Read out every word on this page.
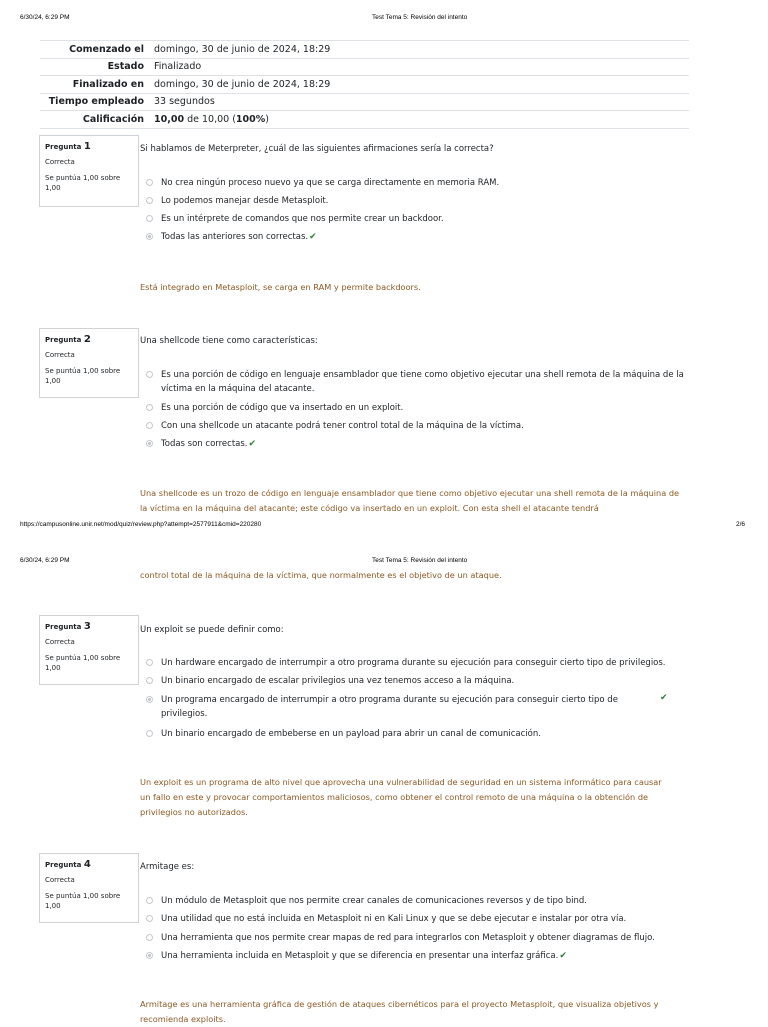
6/30/24, 6:29 PM	Test Tema 5: Revisión del intento
Comenzado el	domingo, 30 de junio de 2024, 18:29
Estado	Finalizado
Finalizado en	domingo, 30 de junio de 2024, 18:29
Tiempo empleado	33 segundos
Calificación	10,00 de 10,00 (100%)
Pregunta 1
Correcta
Se puntúa 1,00 sobre 1,00
Si hablamos de Meterpreter, ¿cuál de las siguientes afirmaciones sería la correcta?
No crea ningún proceso nuevo ya que se carga directamente en memoria RAM.
Lo podemos manejar desde Metasploit.
Es un intérprete de comandos que nos permite crear un backdoor.
Todas las anteriores son correctas. ✔
Está integrado en Metasploit, se carga en RAM y permite backdoors.
Pregunta 2
Correcta
Se puntúa 1,00 sobre 1,00
Una shellcode tiene como características:
Es una porción de código en lenguaje ensamblador que tiene como objetivo ejecutar una shell remota de la máquina de la víctima en la máquina del atacante.
Es una porción de código que va insertado en un exploit.
Con una shellcode un atacante podrá tener control total de la máquina de la víctima.
Todas son correctas. ✔
Una shellcode es un trozo de código en lenguaje ensamblador que tiene como objetivo ejecutar una shell remota de la máquina de la víctima en la máquina del atacante; este código va insertado en un exploit. Con esta shell el atacante tendrá
https://campusonline.unir.net/mod/quiz/review.php?attempt=2577911&cmid=220280	2/6
6/30/24, 6:29 PM	Test Tema 5: Revisión del intento
control total de la máquina de la víctima, que normalmente es el objetivo de un ataque.
Pregunta 3
Correcta
Se puntúa 1,00 sobre 1,00
Un exploit se puede definir como:
Un hardware encargado de interrumpir a otro programa durante su ejecución para conseguir cierto tipo de privilegios.
Un binario encargado de escalar privilegios una vez tenemos acceso a la máquina.
Un programa encargado de interrumpir a otro programa durante su ejecución para conseguir cierto tipo de privilegios.
✔
Un binario encargado de embeberse en un payload para abrir un canal de comunicación.
Un exploit es un programa de alto nivel que aprovecha una vulnerabilidad de seguridad en un sistema informático para causar un fallo en este y provocar comportamientos maliciosos, como obtener el control remoto de una máquina o la obtención de privilegios no autorizados.
Pregunta 4
Correcta
Se puntúa 1,00 sobre 1,00
Armitage es:
Un módulo de Metasploit que nos permite crear canales de comunicaciones reversos y de tipo bind.
Una utilidad que no está incluida en Metasploit ni en Kali Linux y que se debe ejecutar e instalar por otra vía.
Una herramienta que nos permite crear mapas de red para integrarlos con Metasploit y obtener diagramas de flujo.
Una herramienta incluida en Metasploit y que se diferencia en presentar una interfaz gráfica. ✔
Armitage es una herramienta gráfica de gestión de ataques cibernéticos para el proyecto Metasploit, que visualiza objetivos y recomienda exploits.
